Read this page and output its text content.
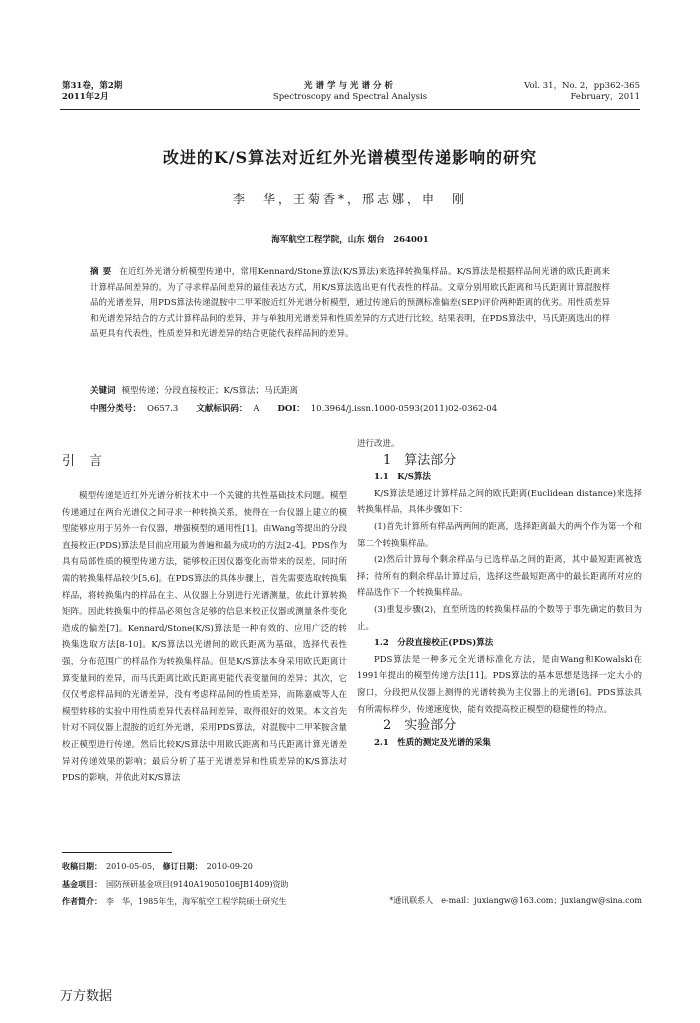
第31卷，第2期
2011年2月
光谱学与光谱分析
Spectroscopy and Spectral Analysis
Vol. 31，No. 2，pp362-365
February，2011
改进的K/S算法对近红外光谱模型传递影响的研究
李　华，王菊香*，邢志娜，申　刚
海军航空工程学院，山东 烟台　264001
摘要 在近红外光谱分析模型传递中，常用Kennard/Stone算法(K/S算法)来选择转换集样品。K/S算法是根据样品间光谱的欧氏距离来计算样品间差异的。为了寻求样品间差异的最佳表达方式，用K/S算法选出更有代表性的样品。文章分别用欧氏距离和马氏距离计算混胺样品的光谱差异，用PDS算法传递混胺中二甲苯胺近红外光谱分析模型，通过传递后的预测标准偏差(SEP)评价两种距离的优劣。用性质差异和光谱差异结合的方式计算样品间的差异，并与单独用光谱差异和性质差异的方式进行比较。结果表明，在PDS算法中，马氏距离选出的样品更具有代表性，性质差异和光谱差异的结合更能代表样品间的差异。
关键词 模型传递；分段直接校正；K/S算法；马氏距离
中图分类号： O657.3 文献标识码： A DOI： 10.3964/j.issn.1000-0593(2011)02-0362-04
引言

模型传递是近红外光谱分析技术中一个关键的共性基础技术问题。模型传递通过在两台光谱仪之间寻求一种转换关系，使得在一台仪器上建立的模型能够应用于另外一台仪器，增强模型的通用性[1]。由Wang等提出的分段直接校正(PDS)算法是目前应用最为普遍和最为成功的方法[2-4]。PDS作为具有局部性质的模型传递方法，能够校正因仪器变化而带来的误差，同时所需的转换集样品较少[5,6]。在PDS算法的具体步骤上，首先需要选取转换集样品，将转换集内的样品在主、从仪器上分别进行光谱测量，依此计算转换矩阵。因此转换集中的样品必须包含足够的信息来校正仪器或测量条件变化造成的偏差[7]。Kennard/Stone(K/S)算法是一种有效的、应用广泛的转换集选取方法[8-10]。K/S算法以光谱间的欧氏距离为基础，选择代表性强，分布范围广的样品作为转换集样品。但是K/S算法本身采用欧氏距离计算变量间的差异，而马氏距离比欧氏距离更能代表变量间的差异；其次，它仅仅考虑样品间的光谱差异，没有考虑样品间的性质差异，而陈嘉威等人在模型转移的实验中用性质差异代表样品间差异，取得很好的效果。本文首先针对不同仪器上混胺的近红外光谱，采用PDS算法，对混胺中二甲苯胺含量校正模型进行传递。然后比较K/S算法中用欧氏距离和马氏距离计算光谱差异对传递效果的影响；最后分析了基于光谱差异和性质差异的K/S算法对PDS的影响，并依此对K/S算法

进行改进。

1　算法部分

1.1　K/S算法

K/S算法是通过计算样品之间的欧氏距离(Euclidean distance)来选择转换集样品，具体步骤如下：

(1)首先计算所有样品两两间的距离，选择距离最大的两个作为第一个和第二个转换集样品。

(2)然后计算每个剩余样品与已选样品之间的距离，其中最短距离被选择；待所有的剩余样品计算过后，选择这些最短距离中的最长距离所对应的样品选作下一个转换集样品。

(3)重复步骤(2)，直至所选的转换集样品的个数等于事先确定的数目为止。

1.2　分段直接校正(PDS)算法

PDS算法是一种多元全光谱标准化方法，是由Wang和Kowalski在1991年提出的模型传递方法[11]。PDS算法的基本思想是选择一定大小的窗口，分段把从仪器上测得的光谱转换为主仪器上的光谱[6]。PDS算法具有所需标样少，传递速度快，能有效提高校正模型的稳健性的特点。

2　实验部分

2.1　性质的测定及光谱的采集

收稿日期： 2010-05-05， 修订日期： 2010-09-20
基金项目： 国防预研基金项目(9140A19050106JB1409)资助
作者简介： 李　华，1985年生，海军航空工程学院硕士研究生	*通讯联系人　 e-mail：juxiangw@163.com；juxiangw@sina.com
万方数据
